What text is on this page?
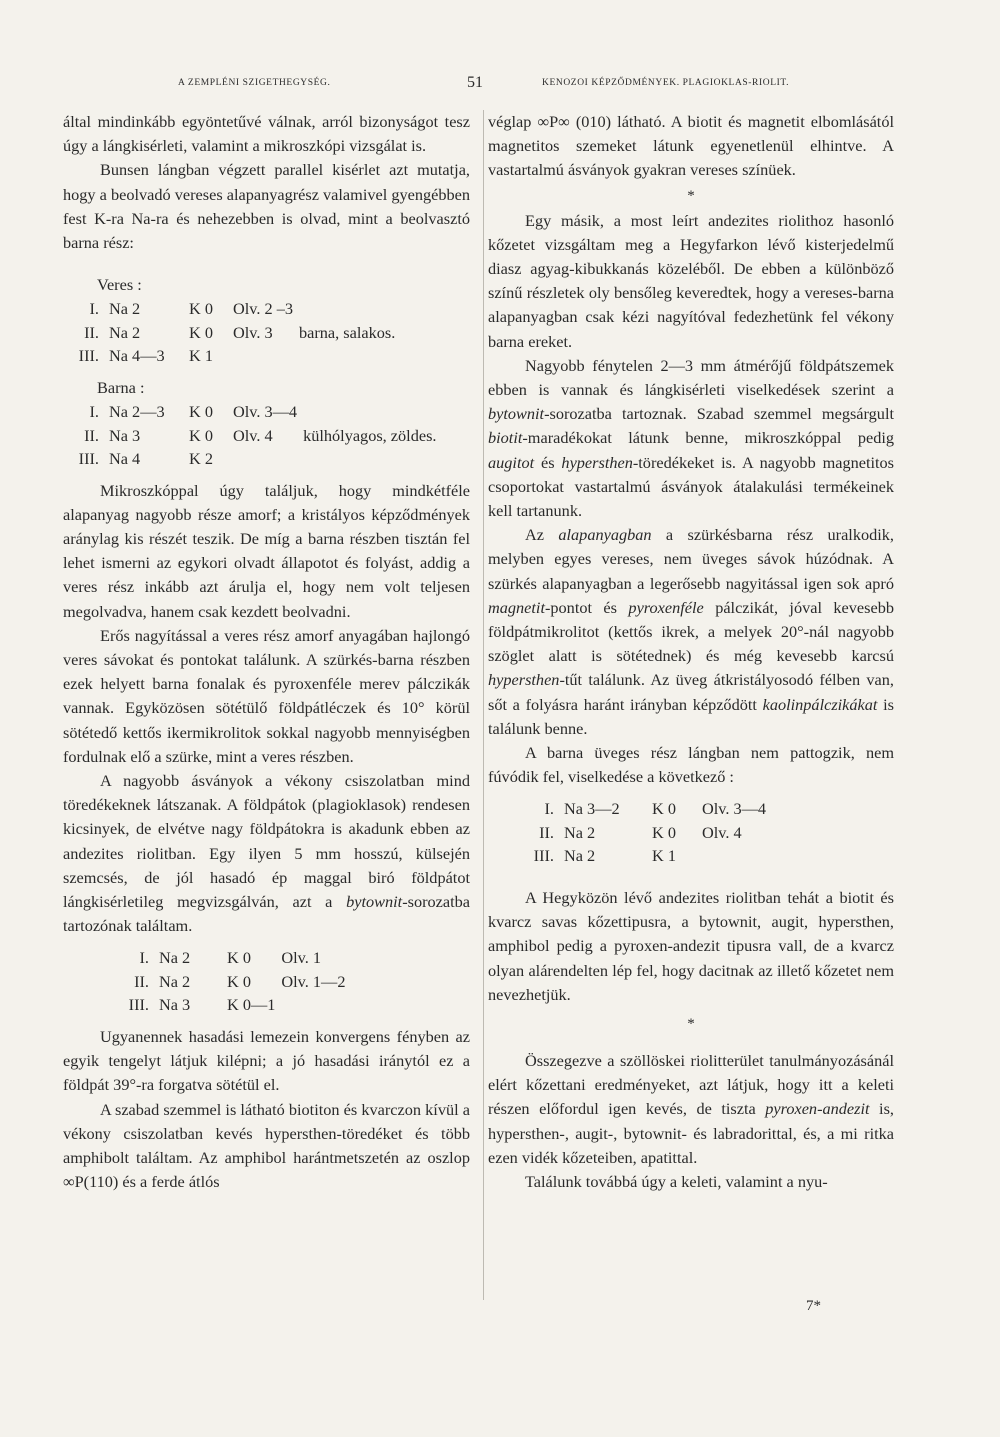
A ZEMPLÉNI SZIGETHEGYSÉG.	51	KENOZOI KÉPZŐDMÉNYEK. PLAGIOKLAS-RIOLIT.

által mindinkább egyöntetűvé válnak, arról bizonyságot tesz úgy a lángkisérleti, valamint a mikroszkópi vizsgálat is.

Bunsen lángban végzett parallel kisérlet azt mutatja, hogy a beolvadó vereses alapanyagrész valamivel gyengébben fest K-ra Na-ra és nehezebben is olvad, mint a beolvasztó barna rész:

Veres :
I.	Na 2	K 0	Olv. 2 –3	
II.	Na 2	K 0	Olv. 3	barna, salakos.
III.	Na 4—3	K 1		
Barna :
I.	Na 2—3	K 0	Olv. 3—4	
II.	Na 3	K 0	Olv. 4	külhólyagos, zöldes.
III.	Na 4	K 2		

Mikroszkóppal úgy találjuk, hogy mindkétféle alapanyag nagyobb része amorf; a kristályos képződmények aránylag kis részét teszik. De míg a barna részben tisztán fel lehet ismerni az egykori olvadt állapotot és folyást, addig a veres rész inkább azt árulja el, hogy nem volt teljesen megolvadva, hanem csak kezdett beolvadni.

Erős nagyítással a veres rész amorf anyagában hajlongó veres sávokat és pontokat találunk. A szürkés-barna részben ezek helyett barna fonalak és pyroxenféle merev pálczikák vannak. Egyközösen sötétülő földpátléczek és 10° körül sötétedő kettős ikermikrolitok sokkal nagyobb mennyiségben fordulnak elő a szürke, mint a veres részben.

A nagyobb ásványok a vékony csiszolatban mind töredékeknek látszanak. A földpátok (plagioklasok) rendesen kicsinyek, de elvétve nagy földpátokra is akadunk ebben az andezites riolitban. Egy ilyen 5 mm hosszú, külsején szemcsés, de jól hasadó ép maggal biró földpátot lángkisérletileg megvizsgálván, azt a bytownit-sorozatba tartozónak találtam.

I.	Na 2	K 0	Olv. 1
II.	Na 2	K 0	Olv. 1—2
III.	Na 3	K 0—1	

Ugyanennek hasadási lemezein konvergens fényben az egyik tengelyt látjuk kilépni; a jó hasadási iránytól ez a földpát 39°-ra forgatva sötétül el.

A szabad szemmel is látható biotiton és kvarczon kívül a vékony csiszolatban kevés hypersthen-töredéket és több amphibolt találtam. Az amphibol harántmetszetén az oszlop ∞P(110) és a ferde átlós

véglap ∞P∞ (010) látható. A biotit és magnetit elbomlásától magnetitos szemeket látunk egyenetlenül elhintve. A vastartalmú ásványok gyakran vereses színüek.

*

Egy másik, a most leírt andezites riolithoz hasonló kőzetet vizsgáltam meg a Hegyfarkon lévő kisterjedelmű diasz agyag-kibukkanás közeléből. De ebben a különböző színű részletek oly bensőleg keveredtek, hogy a vereses-barna alapanyagban csak kézi nagyítóval fedezhetünk fel vékony barna ereket.

Nagyobb fénytelen 2—3 mm átmérőjű földpátszemek ebben is vannak és lángkisérleti viselkedések szerint a bytownit-sorozatba tartoznak. Szabad szemmel megsárgult biotit-maradékokat látunk benne, mikroszkóppal pedig augitot és hypersthen-töredékeket is. A nagyobb magnetitos csoportokat vastartalmú ásványok átalakulási termékeinek kell tartanunk.

Az alapanyagban a szürkésbarna rész uralkodik, melyben egyes vereses, nem üveges sávok húzódnak. A szürkés alapanyagban a legerősebb nagyitással igen sok apró magnetit-pontot és pyroxenféle pálczikát, jóval kevesebb földpátmikrolitot (kettős ikrek, a melyek 20°-nál nagyobb szöglet alatt is sötétednek) és még kevesebb karcsú hypersthen-tűt találunk. Az üveg átkristályosodó félben van, sőt a folyásra haránt irányban képződött kaolinpálczikákat is találunk benne.

A barna üveges rész lángban nem pattogzik, nem fúvódik fel, viselkedése a következő :

I.	Na 3—2	K 0	Olv. 3—4
II.	Na 2	K 0	Olv. 4
III.	Na 2	K 1	

A Hegyközön lévő andezites riolitban tehát a biotit és kvarcz savas kőzettipusra, a bytownit, augit, hypersthen, amphibol pedig a pyroxen-andezit tipusra vall, de a kvarcz olyan alárendelten lép fel, hogy dacitnak az illető kőzetet nem nevezhetjük.

*

Összegezve a szöllöskei riolitterület tanulmányozásánál elért kőzettani eredményeket, azt látjuk, hogy itt a keleti részen előfordul igen kevés, de tiszta pyroxen-andezit is, hypersthen-, augit-, bytownit- és labradorittal, és, a mi ritka ezen vidék kőzeteiben, apatittal.

Találunk továbbá úgy a keleti, valamint a nyu-

7*
